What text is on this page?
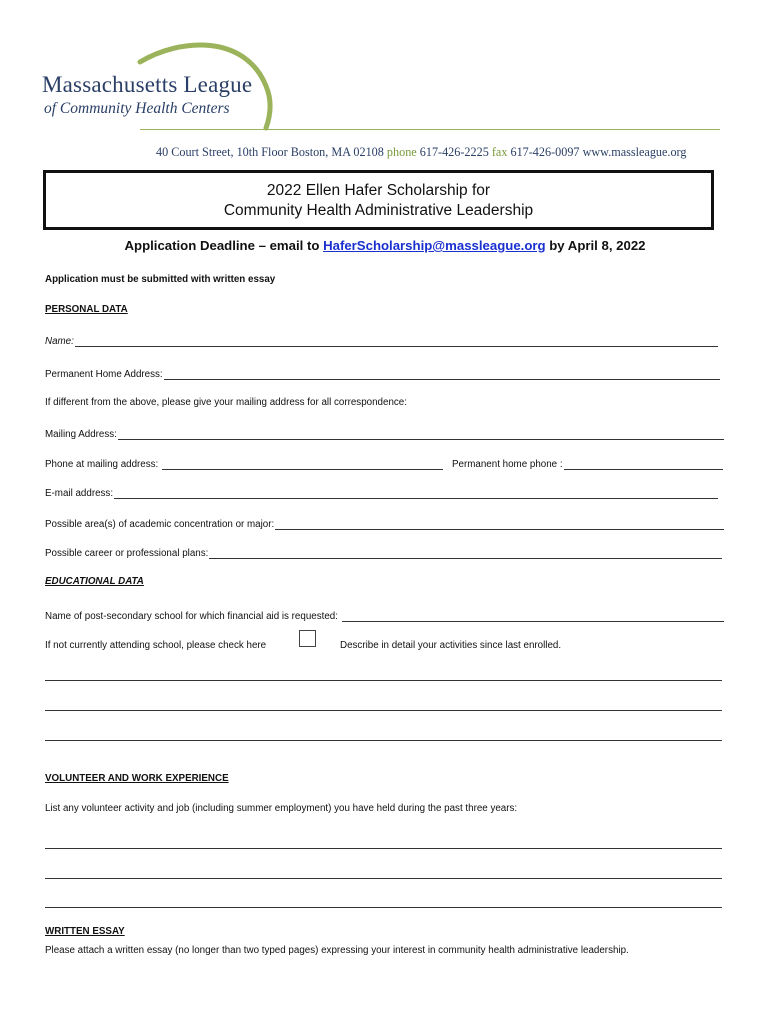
Massachusetts League
of Community Health Centers
40 Court Street, 10th Floor Boston, MA 02108 phone 617-426-2225 fax 617-426-0097 www.massleague.org
2022 Ellen Hafer Scholarship for
Community Health Administrative Leadership
Application Deadline – email to HaferScholarship@massleague.org by April 8, 2022
Application must be submitted with written essay
PERSONAL DATA
Name:
Permanent Home Address:
If different from the above, please give your mailing address for all correspondence:
Mailing Address:
Phone at mailing address:	Permanent home phone :
E-mail address:
Possible area(s) of academic concentration or major:
Possible career or professional plans:
EDUCATIONAL DATA
Name of post-secondary school for which financial aid is requested:
If not currently attending school, please check here	Describe in detail your activities since last enrolled.
VOLUNTEER AND WORK EXPERIENCE
List any volunteer activity and job (including summer employment) you have held during the past three years:
WRITTEN ESSAY
Please attach a written essay (no longer than two typed pages) expressing your interest in community health administrative leadership.
